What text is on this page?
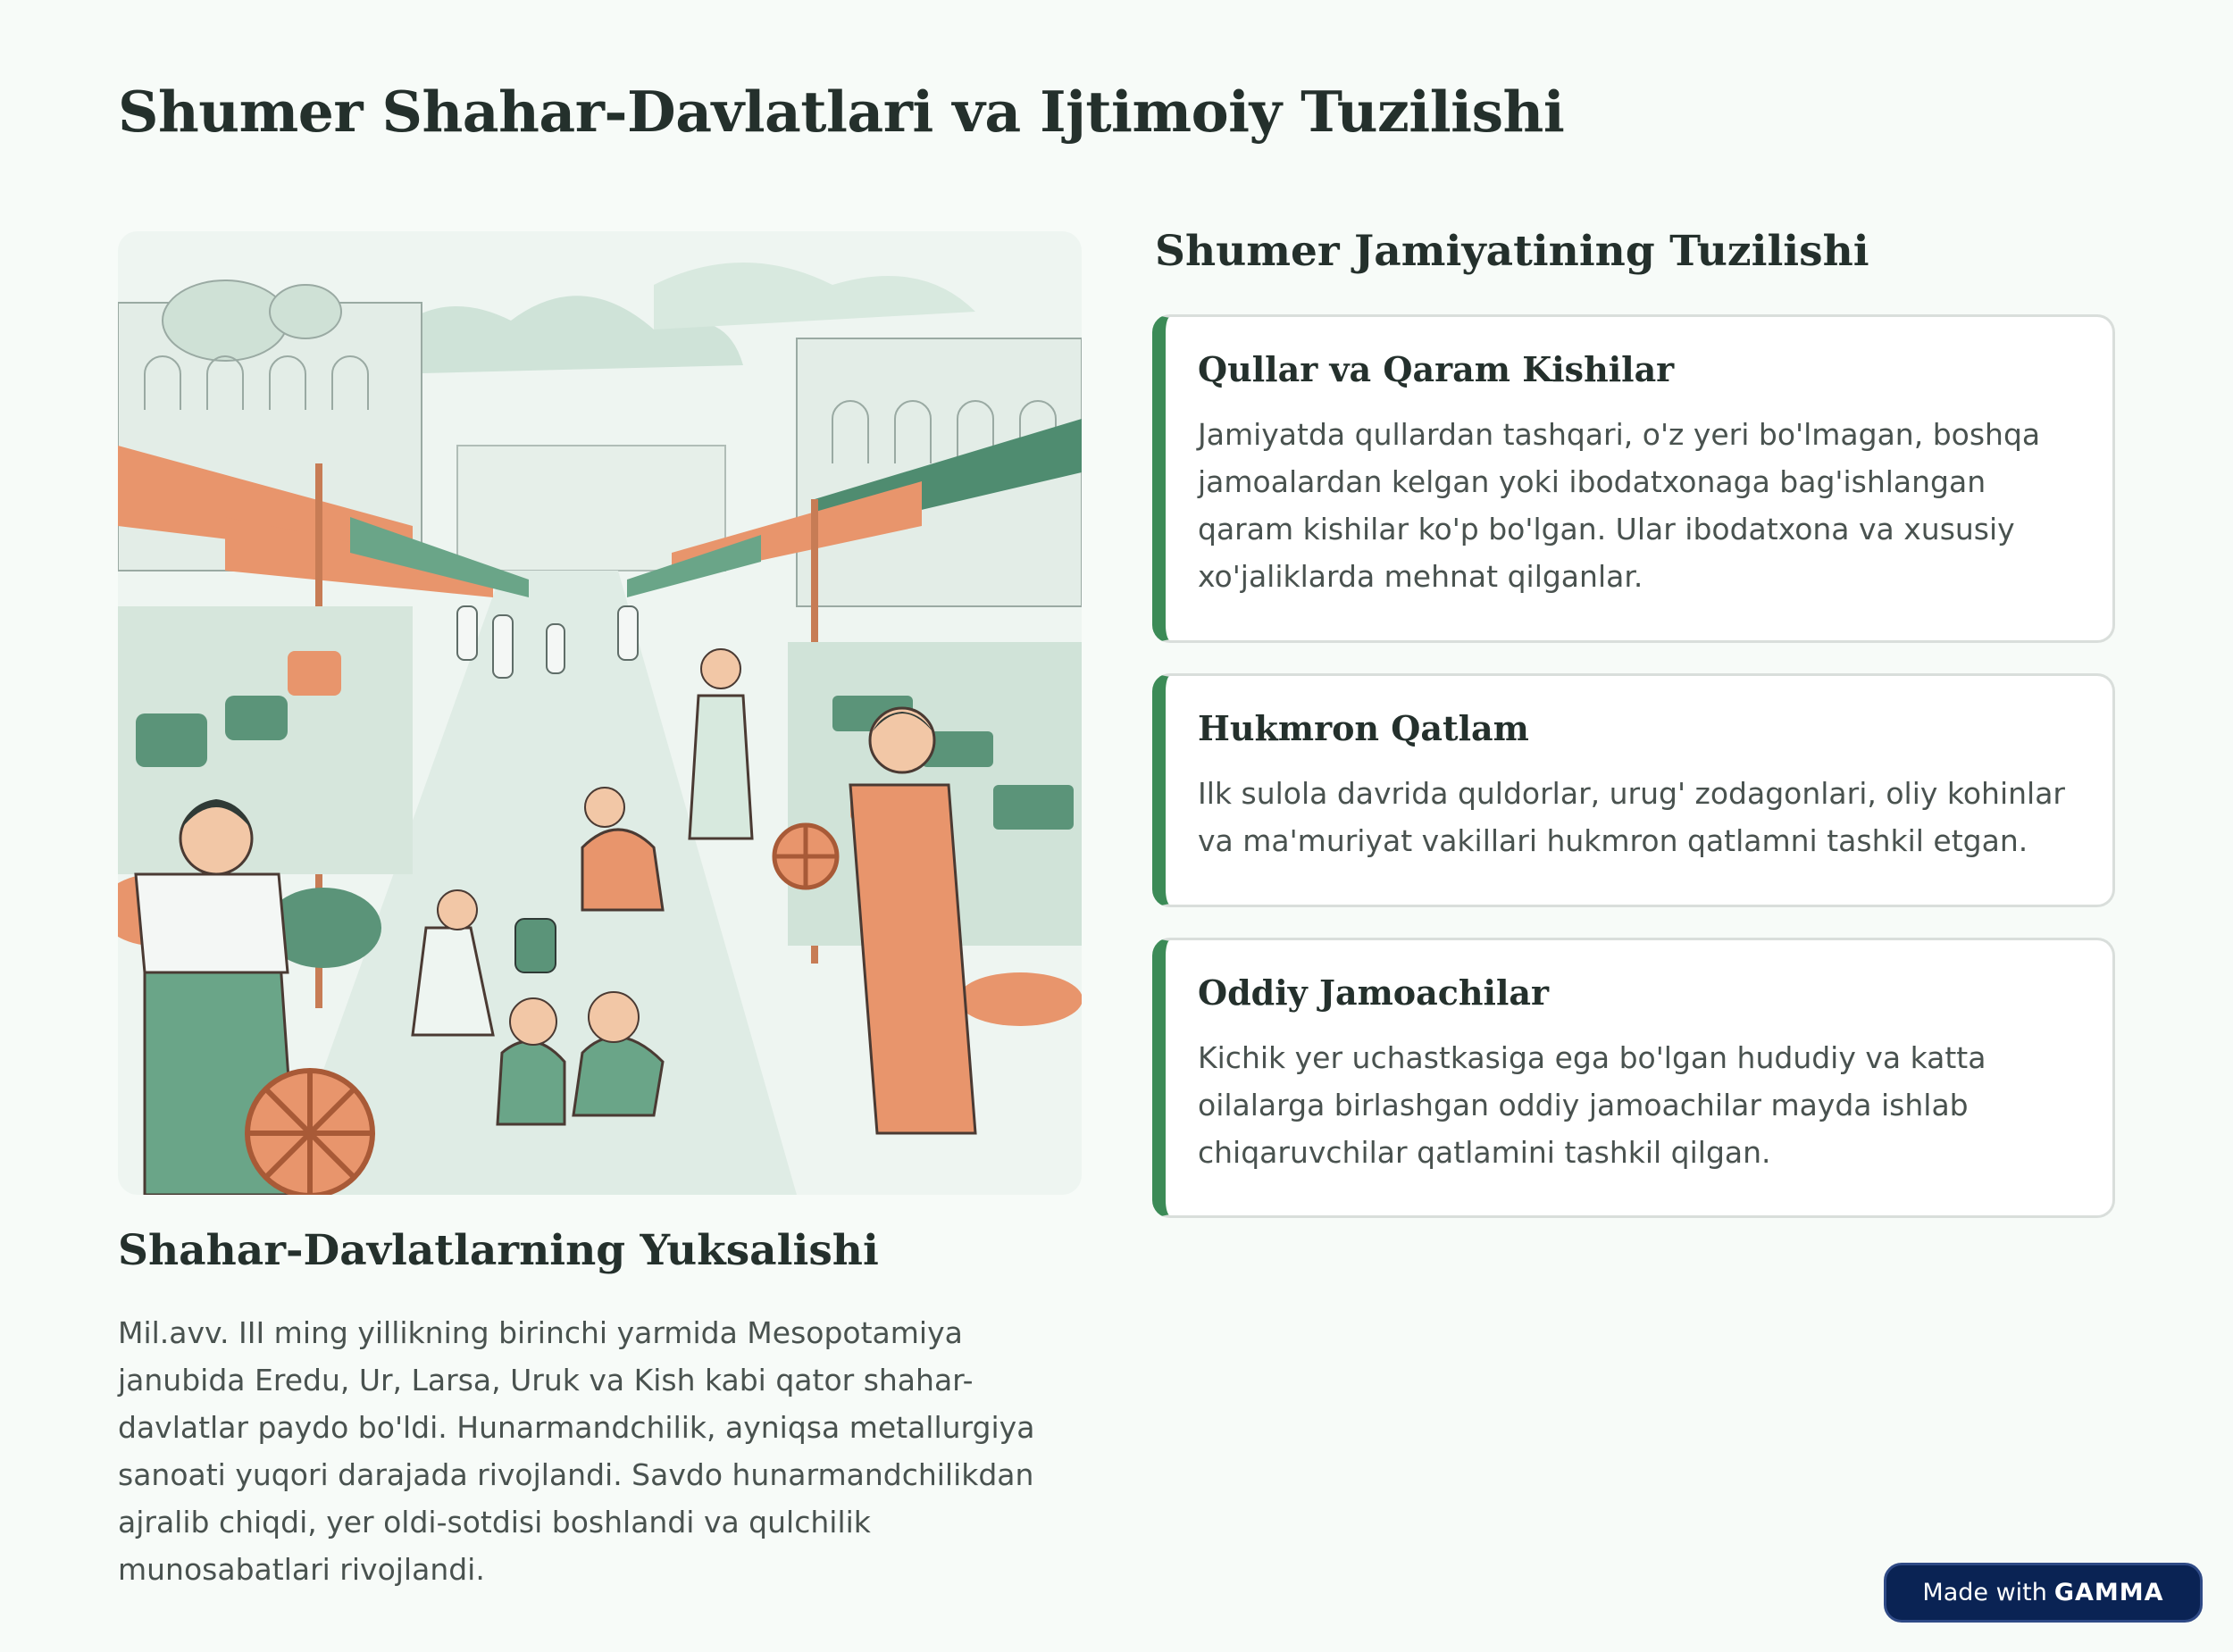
Shumer Shahar-Davlatlari va Ijtimoiy Tuzilishi
Shahar-Davlatlarning Yuksalishi

Mil.avv. III ming yillikning birinchi yarmida Mesopotamiya janubida Eredu, Ur, Larsa, Uruk va Kish kabi qator shahar-davlatlar paydo bo'ldi. Hunarmandchilik, ayniqsa metallurgiya sanoati yuqori darajada rivojlandi. Savdo hunarmandchilikdan ajralib chiqdi, yer oldi-sotdisi boshlandi va qulchilik munosabatlari rivojlandi.

Shumer Jamiyatining Tuzilishi
Qullar va Qaram Kishilar

Jamiyatda qullardan tashqari, o'z yeri bo'lmagan, boshqa jamoalardan kelgan yoki ibodatxonaga bag'ishlangan qaram kishilar ko'p bo'lgan. Ular ibodatxona va xususiy xo'jaliklarda mehnat qilganlar.

Hukmron Qatlam

Ilk sulola davrida quldorlar, urug' zodagonlari, oliy kohinlar va ma'muriyat vakillari hukmron qatlamni tashkil etgan.

Oddiy Jamoachilar

Kichik yer uchastkasiga ega bo'lgan hududiy va katta oilalarga birlashgan oddiy jamoachilar mayda ishlab chiqaruvchilar qatlamini tashkil qilgan.

Made with GAMMA
